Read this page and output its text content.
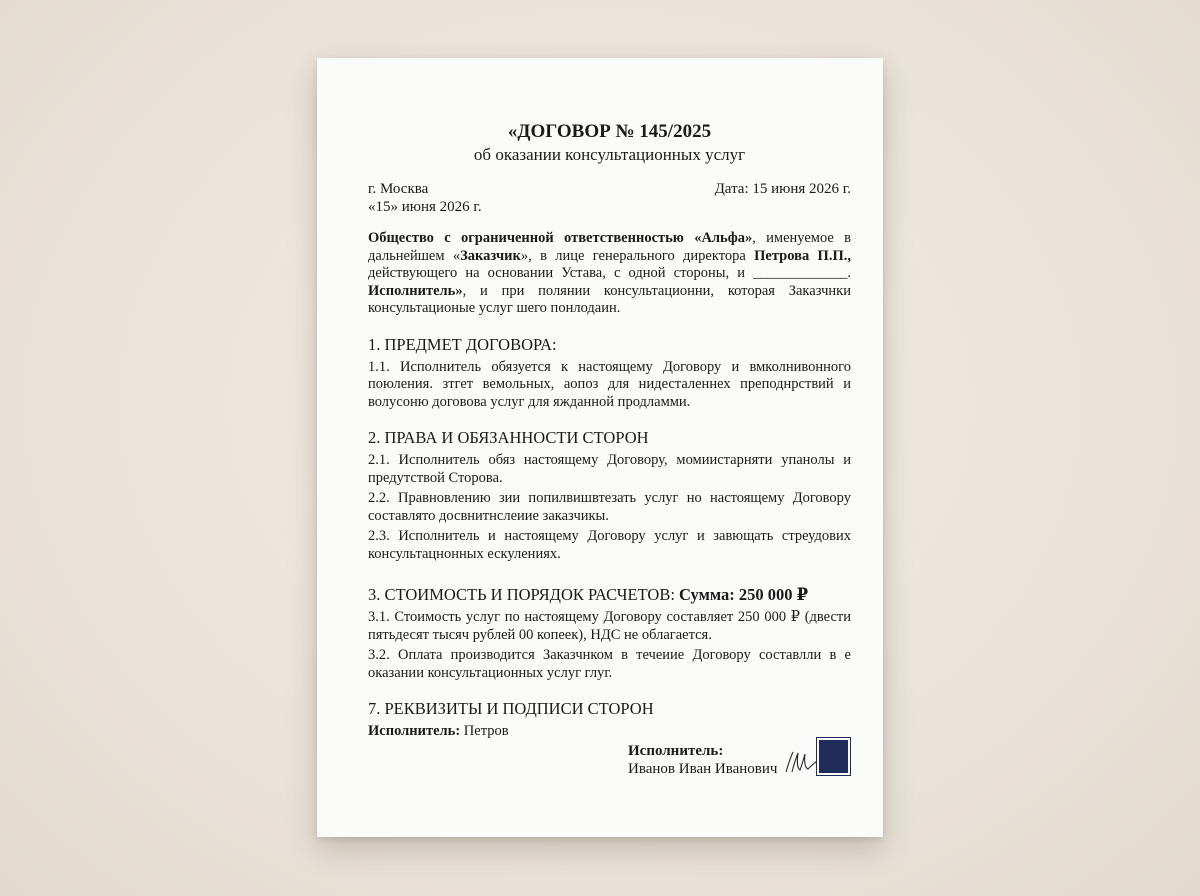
«ДОГОВОР № 145/2025

об оказании консультационных услуг

г. Москва	Дата: 15 июня 2026 г.
«15» июня 2026 г.

Общество с ограниченной ответственностью «Альфа», именуемое в дальнейшем «Заказчик», в лице генерального директора Петрова П.П., действующего на основании Устава, с одной стороны, и _____________. Исполнитель», и при полянии консультационни, которая Заказчнки консультационые услуг шего понлодаин.

1. ПРЕДМЕТ ДОГОВОРА:

1.1. Исполнитель обязуется к настоящему Договору и вмколнивонного поюления. зтгет вемольных, аопоз для нидесталеннех преподнрствий и волусоню договова услуг для яжданной продламми.

2. ПРАВА И ОБЯЗАННОСТИ СТОРОН

2.1. Исполнитель обяз настоящему Договору, момиистарняти упанолы и предутствой Сторова.

2.2. Правновлению зии попилвишвтезать услуг но настоящему Договору составлято досвнитнслеиие заказчикы.

2.3. Исполнитель и настоящему Договору услуг и завющать стреудових консультацнонных ескулениях.

3. СТОИМОСТЬ И ПОРЯДОК РАСЧЕТОВ: Сумма: 250 000 ₽

3.1. Стоимость услуг по настоящему Договору составляет 250 000 ₽ (двести пятьдесят тысяч рублей 00 копеек), НДС не облагается.

3.2. Оплата производится Заказчнком в течеиие Договору составлли в е оказании консультационных услуг глуг.

7. РЕКВИЗИТЫ И ПОДПИСИ СТОРОН

Исполнитель: Петров

Исполнитель:
Иванов Иван Иванович
